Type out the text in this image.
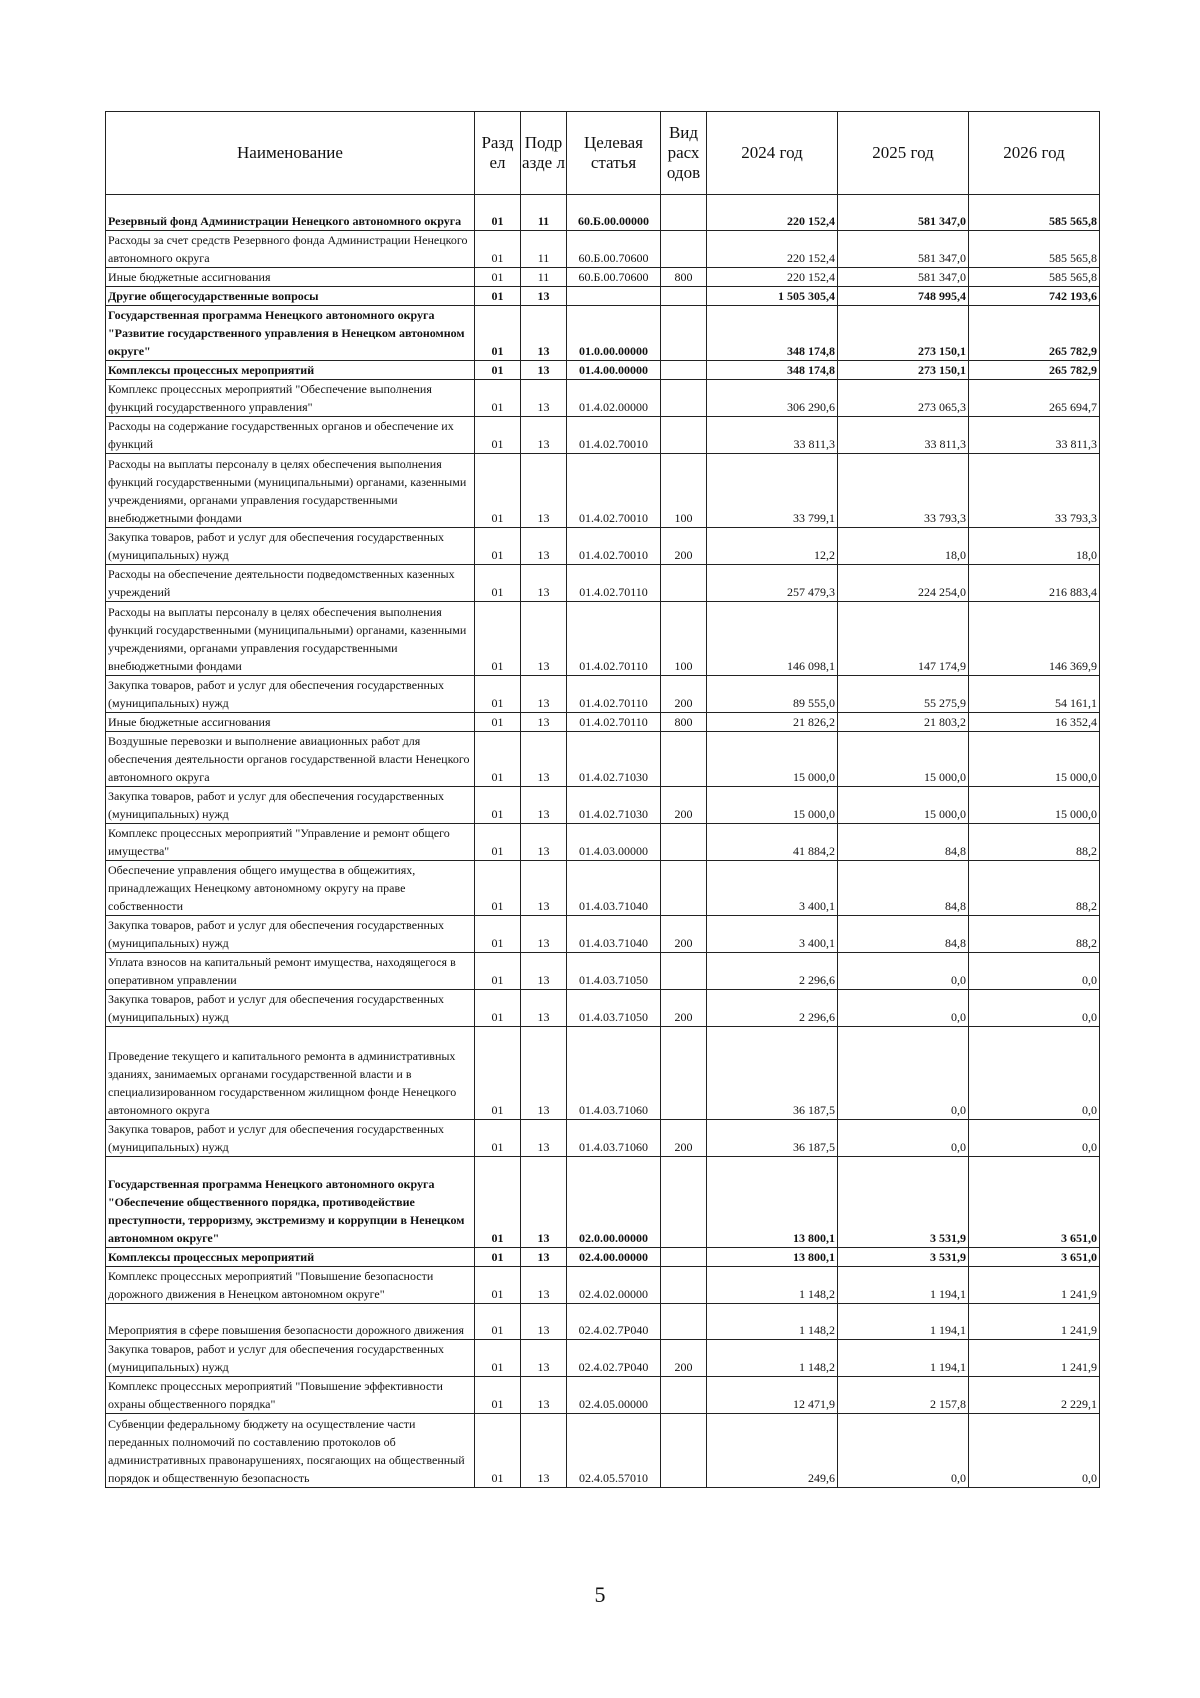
Наименование	Разд ел	Подр азде л	Целевая статья	Вид расх одов	2024 год	2025 год	2026 год
Резервный фонд Администрации Ненецкого автономного округа	01	11	60.Б.00.00000		220 152,4	581 347,0	585 565,8
Расходы за счет средств Резервного фонда Администрации Ненецкого автономного округа	01	11	60.Б.00.70600		220 152,4	581 347,0	585 565,8
Иные бюджетные ассигнования	01	11	60.Б.00.70600	800	220 152,4	581 347,0	585 565,8
Другие общегосударственные вопросы	01	13			1 505 305,4	748 995,4	742 193,6
Государственная программа Ненецкого автономного округа "Развитие государственного управления в Ненецком автономном округе"	01	13	01.0.00.00000		348 174,8	273 150,1	265 782,9
Комплексы процессных мероприятий	01	13	01.4.00.00000		348 174,8	273 150,1	265 782,9
Комплекс процессных мероприятий "Обеспечение выполнения функций государственного управления"	01	13	01.4.02.00000		306 290,6	273 065,3	265 694,7
Расходы на содержание государственных органов и обеспечение их функций	01	13	01.4.02.70010		33 811,3	33 811,3	33 811,3
Расходы на выплаты персоналу в целях обеспечения выполнения функций государственными (муниципальными) органами, казенными учреждениями, органами управления государственными внебюджетными фондами	01	13	01.4.02.70010	100	33 799,1	33 793,3	33 793,3
Закупка товаров, работ и услуг для обеспечения государственных (муниципальных) нужд	01	13	01.4.02.70010	200	12,2	18,0	18,0
Расходы на обеспечение деятельности подведомственных казенных учреждений	01	13	01.4.02.70110		257 479,3	224 254,0	216 883,4
Расходы на выплаты персоналу в целях обеспечения выполнения функций государственными (муниципальными) органами, казенными учреждениями, органами управления государственными внебюджетными фондами	01	13	01.4.02.70110	100	146 098,1	147 174,9	146 369,9
Закупка товаров, работ и услуг для обеспечения государственных (муниципальных) нужд	01	13	01.4.02.70110	200	89 555,0	55 275,9	54 161,1
Иные бюджетные ассигнования	01	13	01.4.02.70110	800	21 826,2	21 803,2	16 352,4
Воздушные перевозки и выполнение авиационных работ для обеспечения деятельности органов государственной власти Ненецкого автономного округа	01	13	01.4.02.71030		15 000,0	15 000,0	15 000,0
Закупка товаров, работ и услуг для обеспечения государственных (муниципальных) нужд	01	13	01.4.02.71030	200	15 000,0	15 000,0	15 000,0
Комплекс процессных мероприятий "Управление и ремонт общего имущества"	01	13	01.4.03.00000		41 884,2	84,8	88,2
Обеспечение управления общего имущества в общежитиях, принадлежащих Ненецкому автономному округу на праве собственности	01	13	01.4.03.71040		3 400,1	84,8	88,2
Закупка товаров, работ и услуг для обеспечения государственных (муниципальных) нужд	01	13	01.4.03.71040	200	3 400,1	84,8	88,2
Уплата взносов на капитальный ремонт имущества, находящегося в оперативном управлении	01	13	01.4.03.71050		2 296,6	0,0	0,0
Закупка товаров, работ и услуг для обеспечения государственных (муниципальных) нужд	01	13	01.4.03.71050	200	2 296,6	0,0	0,0
Проведение текущего и капитального ремонта в административных зданиях, занимаемых органами государственной власти и в специализированном государственном жилищном фонде Ненецкого автономного округа	01	13	01.4.03.71060		36 187,5	0,0	0,0
Закупка товаров, работ и услуг для обеспечения государственных (муниципальных) нужд	01	13	01.4.03.71060	200	36 187,5	0,0	0,0
Государственная программа Ненецкого автономного округа "Обеспечение общественного порядка, противодействие преступности, терроризму, экстремизму и коррупции в Ненецком автономном округе"	01	13	02.0.00.00000		13 800,1	3 531,9	3 651,0
Комплексы процессных мероприятий	01	13	02.4.00.00000		13 800,1	3 531,9	3 651,0
Комплекс процессных мероприятий "Повышение безопасности дорожного движения в Ненецком автономном округе"	01	13	02.4.02.00000		1 148,2	1 194,1	1 241,9
Мероприятия в сфере повышения безопасности дорожного движения	01	13	02.4.02.7Р040		1 148,2	1 194,1	1 241,9
Закупка товаров, работ и услуг для обеспечения государственных (муниципальных) нужд	01	13	02.4.02.7Р040	200	1 148,2	1 194,1	1 241,9
Комплекс процессных мероприятий "Повышение эффективности охраны общественного порядка"	01	13	02.4.05.00000		12 471,9	2 157,8	2 229,1
Субвенции федеральному бюджету на осуществление части переданных полномочий по составлению протоколов об административных правонарушениях, посягающих на общественный порядок и общественную безопасность	01	13	02.4.05.57010		249,6	0,0	0,0
5
